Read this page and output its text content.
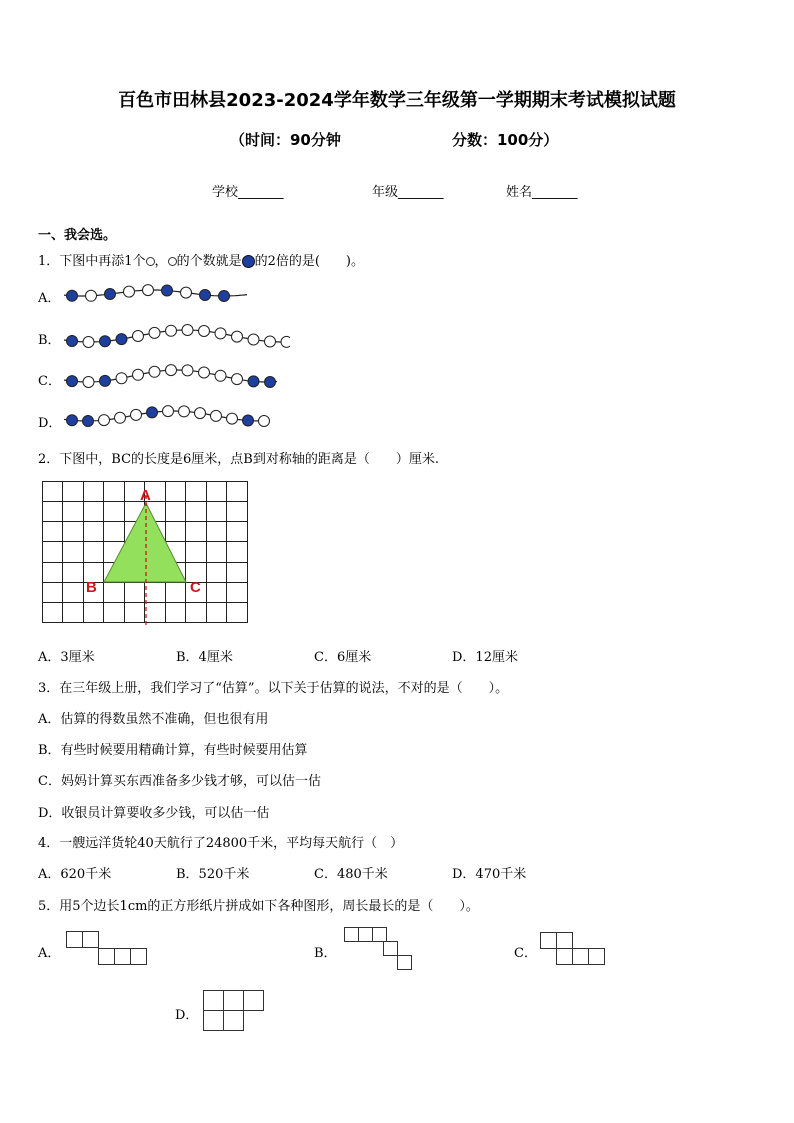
百色市田林县2023-2024学年数学三年级第一学期期末考试模拟试题
（时间：90分钟	分数：100分）
学校_______	年级_______	姓名_______
一、我会选。
1．下图中再添1个 ， 的个数就是 的2倍的是(　　)。
A．
B．
C．
D．
2．下图中，BC的长度是6厘米，点B到对称轴的距离是（　　）厘米.
A
B	C
A．3厘米	B．4厘米	C．6厘米	D．12厘米
3．在三年级上册，我们学习了“估算”。以下关于估算的说法，不对的是（　　）。
A．估算的得数虽然不准确，但也很有用
B．有些时候要用精确计算，有些时候要用估算
C．妈妈计算买东西准备多少钱才够，可以估一估
D．收银员计算要收多少钱，可以估一估
4．一艘远洋货轮40天航行了24800千米，平均每天航行（　）
A．620千米	B．520千米	C．480千米	D．470千米
5．用5个边长1cm的正方形纸片拼成如下各种图形，周长最长的是（　　）。
A．	B．	C．
D．
